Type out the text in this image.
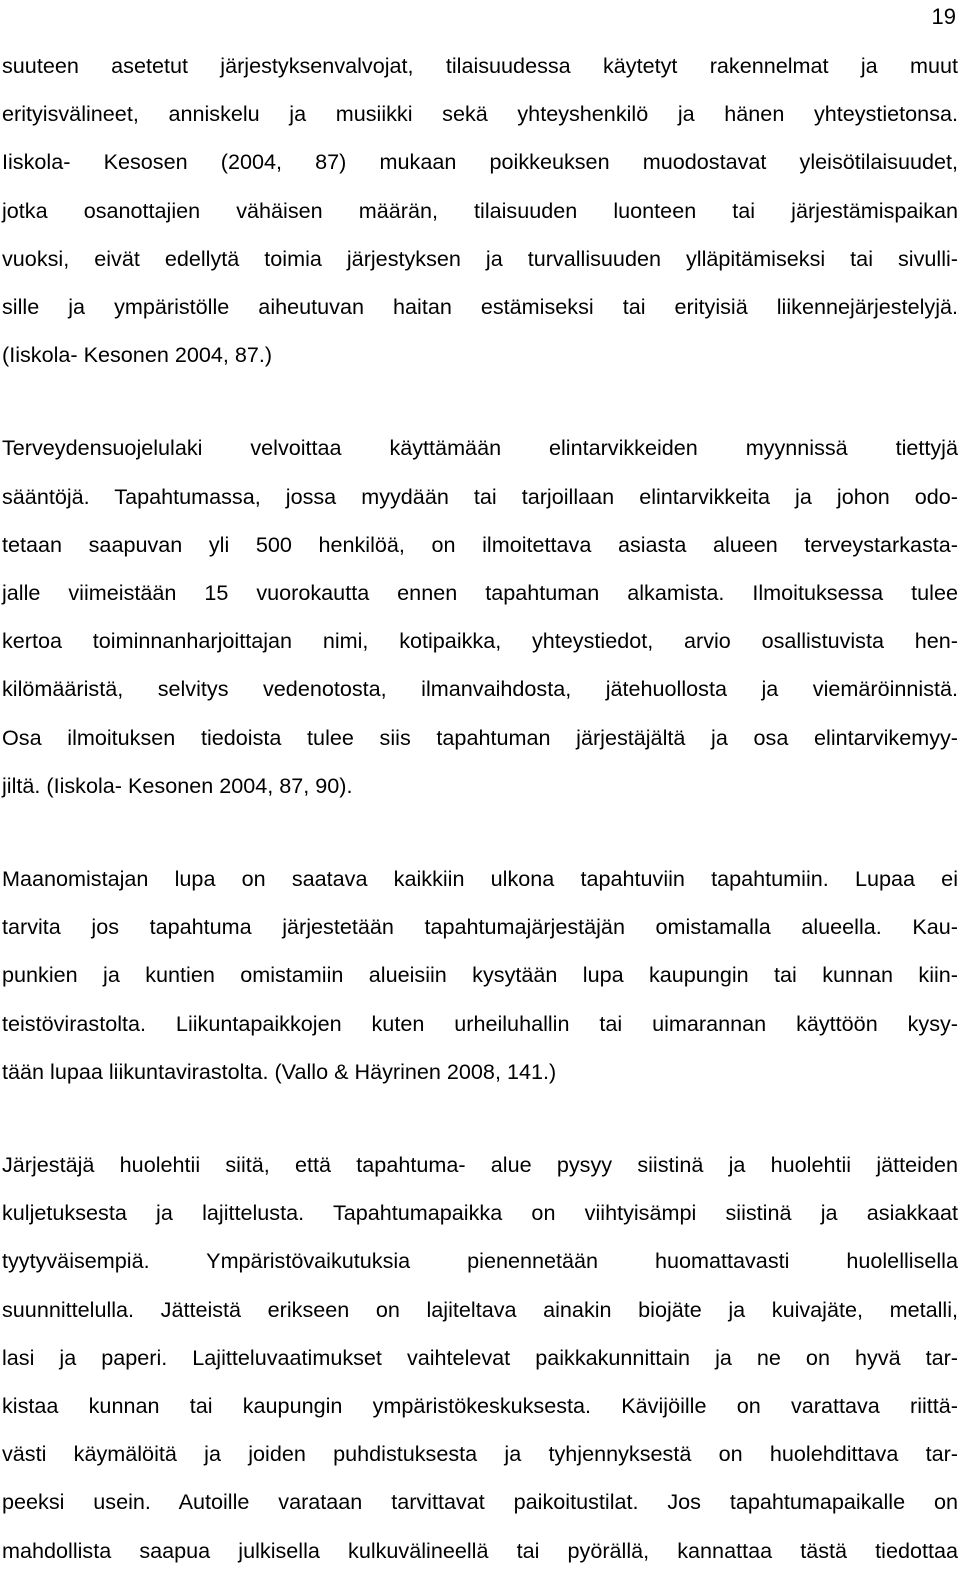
19

suuteen asetetut järjestyksenvalvojat, tilaisuudessa käytetyt rakennelmat ja muut
erityisvälineet, anniskelu ja musiikki sekä yhteyshenkilö ja hänen yhteystietonsa.
Iiskola- Kesosen (2004, 87) mukaan poikkeuksen muodostavat yleisötilaisuudet,
jotka osanottajien vähäisen määrän, tilaisuuden luonteen tai järjestämispaikan
vuoksi, eivät edellytä toimia järjestyksen ja turvallisuuden ylläpitämiseksi tai sivulli-
sille ja ympäristölle aiheutuvan haitan estämiseksi tai erityisiä liikennejärjestelyjä.
(Iiskola- Kesonen 2004, 87.)

Terveydensuojelulaki velvoittaa käyttämään elintarvikkeiden myynnissä tiettyjä
sääntöjä. Tapahtumassa, jossa myydään tai tarjoillaan elintarvikkeita ja johon odo-
tetaan saapuvan yli 500 henkilöä, on ilmoitettava asiasta alueen terveystarkasta-
jalle viimeistään 15 vuorokautta ennen tapahtuman alkamista. Ilmoituksessa tulee
kertoa toiminnanharjoittajan nimi, kotipaikka, yhteystiedot, arvio osallistuvista hen-
kilömääristä, selvitys vedenotosta, ilmanvaihdosta, jätehuollosta ja viemäröinnistä.
Osa ilmoituksen tiedoista tulee siis tapahtuman järjestäjältä ja osa elintarvikemyy-
jiltä. (Iiskola- Kesonen 2004, 87, 90).

Maanomistajan lupa on saatava kaikkiin ulkona tapahtuviin tapahtumiin. Lupaa ei
tarvita jos tapahtuma järjestetään tapahtumajärjestäjän omistamalla alueella. Kau-
punkien ja kuntien omistamiin alueisiin kysytään lupa kaupungin tai kunnan kiin-
teistövirastolta. Liikuntapaikkojen kuten urheiluhallin tai uimarannan käyttöön kysy-
tään lupaa liikuntavirastolta. (Vallo & Häyrinen 2008, 141.)

Järjestäjä huolehtii siitä, että tapahtuma- alue pysyy siistinä ja huolehtii jätteiden
kuljetuksesta ja lajittelusta. Tapahtumapaikka on viihtyisämpi siistinä ja asiakkaat
tyytyväisempiä. Ympäristövaikutuksia pienennetään huomattavasti huolellisella
suunnittelulla. Jätteistä erikseen on lajiteltava ainakin biojäte ja kuivajäte, metalli,
lasi ja paperi. Lajitteluvaatimukset vaihtelevat paikkakunnittain ja ne on hyvä tar-
kistaa kunnan tai kaupungin ympäristökeskuksesta. Kävijöille on varattava riittä-
västi käymälöitä ja joiden puhdistuksesta ja tyhjennyksestä on huolehdittava tar-
peeksi usein. Autoille varataan tarvittavat paikoitustilat. Jos tapahtumapaikalle on
mahdollista saapua julkisella kulkuvälineellä tai pyörällä, kannattaa tästä tiedottaa
